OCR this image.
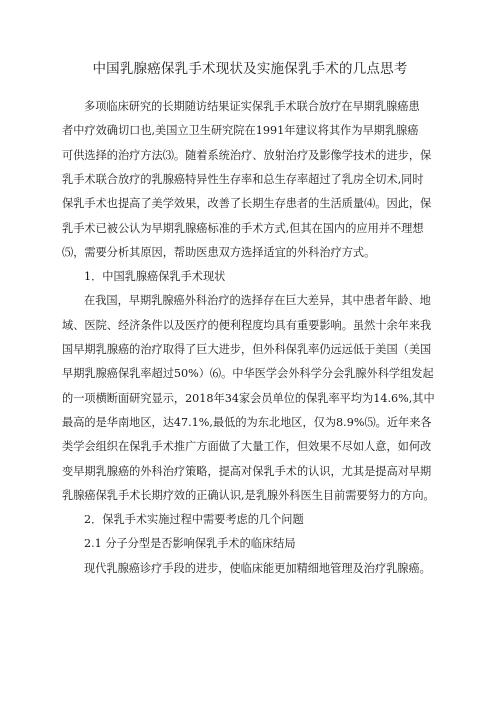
中国乳腺癌保乳手术现状及实施保乳手术的几点思考
多项临床研究的长期随访结果证实保乳手术联合放疗在早期乳腺癌患
者中疗效确切口也,美国立卫生研究院在1991年建议将其作为早期乳腺癌
可供选择的治疗方法⑶。随着系统治疗、放射治疗及影像学技术的进步，保
乳手术联合放疗的乳腺癌特异性生存率和总生存率超过了乳房全切术,同时
保乳手术也提高了美学效果，改善了长期生存患者的生活质量⑷。因此，保
乳手术已被公认为早期乳腺癌标准的手术方式,但其在国内的应用并不理想
⑸，需要分析其原因，帮助医患双方选择适宜的外科治疗方式。
1．中国乳腺癌保乳手术现状
在我国，早期乳腺癌外科治疗的选择存在巨大差异，其中患者年龄、地
域、医院、经济条件以及医疗的便利程度均具有重要影响。虽然十余年来我
国早期乳腺癌的治疗取得了巨大进步，但外科保乳率仍远远低于美国（美国
早期乳腺癌保乳率超过50%）⑹。中华医学会外科学分会乳腺外科学组发起
的一项横断面研究显示，2018年34家会员单位的保乳率平均为14.6%,其中
最高的是华南地区，达47.1%,最低的为东北地区，仅为8.9%⑸。近年来各
类学会组织在保乳手术推广方面做了大量工作，但效果不尽如人意，如何改
变早期乳腺癌的外科治疗策略，提高对保乳手术的认识，尤其是提高对早期
乳腺癌保乳手术长期疗效的正确认识,是乳腺外科医生目前需要努力的方向。
2．保乳手术实施过程中需要考虑的几个问题
2.1 分子分型是否影响保乳手术的临床结局
现代乳腺癌诊疗手段的进步，使临床能更加精细地管理及治疗乳腺癌。
